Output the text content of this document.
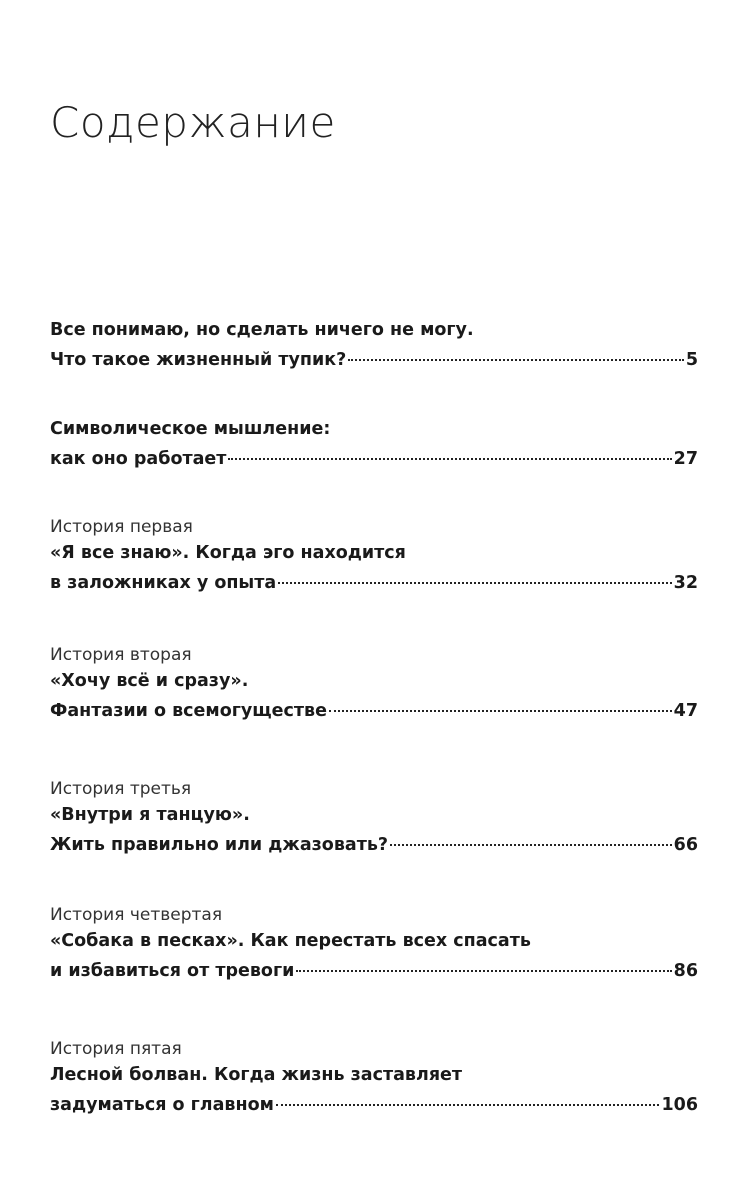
Содержание
Все понимаю, но сделать ничего не могу.
Что такое жизненный тупик?	5
Символическое мышление:
как оно работает	27
История первая
«Я все знаю». Когда эго находится
в заложниках у опыта	32
История вторая
«Хочу всё и сразу».
Фантазии о всемогуществе	47
История третья
«Внутри я танцую».
Жить правильно или джазовать?	66
История четвертая
«Собака в песках». Как перестать всех спасать
и избавиться от тревоги	86
История пятая
Лесной болван. Когда жизнь заставляет
задуматься о главном	106
